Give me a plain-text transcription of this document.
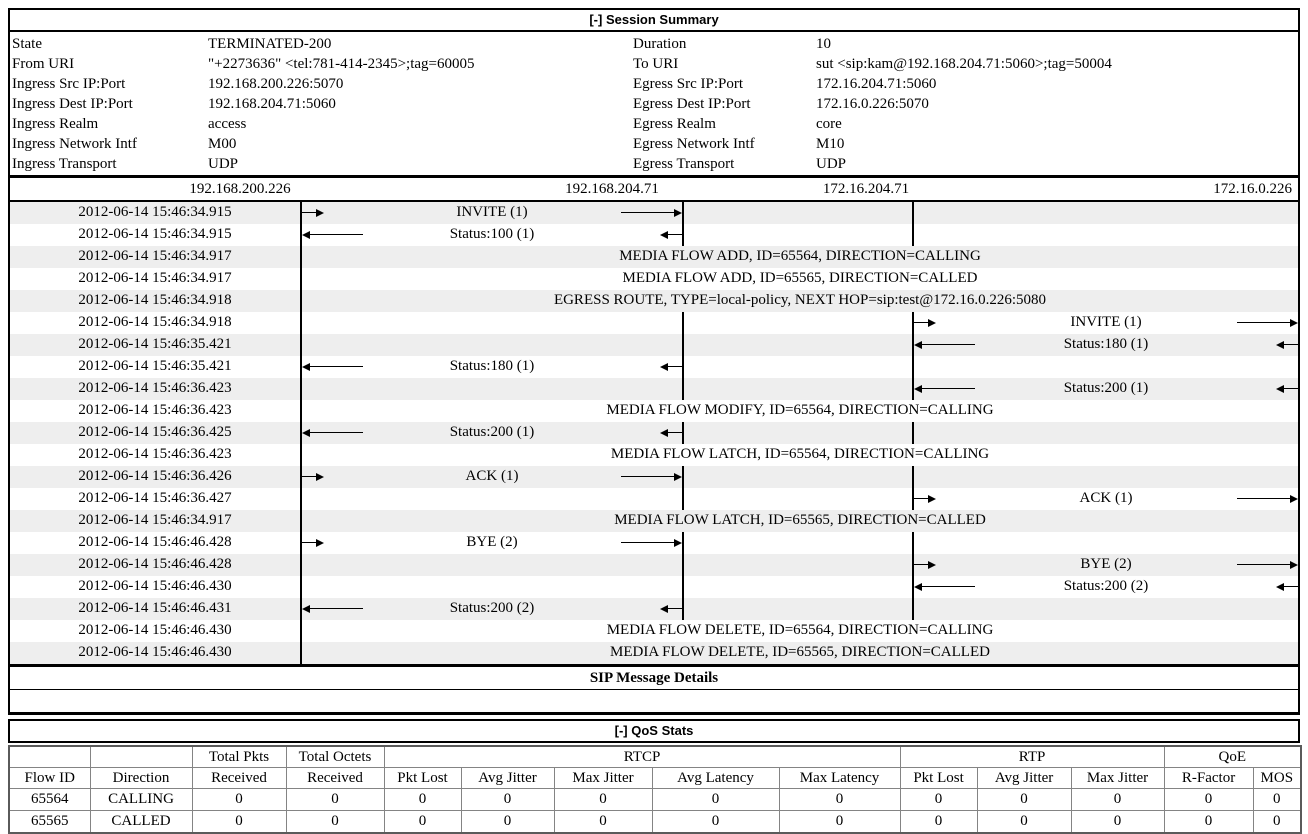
[-] Session Summary
State	TERMINATED-200	Duration	10
From URI	"+2273636" <tel:781-414-2345>;tag=60005	To URI	sut <sip:kam@192.168.204.71:5060>;tag=50004
Ingress Src IP:Port	192.168.200.226:5070	Egress Src IP:Port	172.16.204.71:5060
Ingress Dest IP:Port	192.168.204.71:5060	Egress Dest IP:Port	172.16.0.226:5070
Ingress Realm	access	Egress Realm	core
Ingress Network Intf	M00	Egress Network Intf	M10
Ingress Transport	UDP	Egress Transport	UDP
192.168.200.226	192.168.204.71	172.16.204.71	172.16.0.226
2012-06-14 15:46:34.915	INVITE (1)
2012-06-14 15:46:34.915	Status:100 (1)
2012-06-14 15:46:34.917	MEDIA FLOW ADD, ID=65564, DIRECTION=CALLING
2012-06-14 15:46:34.917	MEDIA FLOW ADD, ID=65565, DIRECTION=CALLED
2012-06-14 15:46:34.918	EGRESS ROUTE, TYPE=local-policy, NEXT HOP=sip:test@172.16.0.226:5080
2012-06-14 15:46:34.918	INVITE (1)
2012-06-14 15:46:35.421	Status:180 (1)
2012-06-14 15:46:35.421	Status:180 (1)
2012-06-14 15:46:36.423	Status:200 (1)
2012-06-14 15:46:36.423	MEDIA FLOW MODIFY, ID=65564, DIRECTION=CALLING
2012-06-14 15:46:36.425	Status:200 (1)
2012-06-14 15:46:36.423	MEDIA FLOW LATCH, ID=65564, DIRECTION=CALLING
2012-06-14 15:46:36.426	ACK (1)
2012-06-14 15:46:36.427	ACK (1)
2012-06-14 15:46:34.917	MEDIA FLOW LATCH, ID=65565, DIRECTION=CALLED
2012-06-14 15:46:46.428	BYE (2)
2012-06-14 15:46:46.428	BYE (2)
2012-06-14 15:46:46.430	Status:200 (2)
2012-06-14 15:46:46.431	Status:200 (2)
2012-06-14 15:46:46.430	MEDIA FLOW DELETE, ID=65564, DIRECTION=CALLING
2012-06-14 15:46:46.430	MEDIA FLOW DELETE, ID=65565, DIRECTION=CALLED
SIP Message Details
[-] QoS Stats
		Total Pkts	Total Octets	RTCP					RTP			QoE	
Flow ID	Direction	Received	Received	Pkt Lost	Avg Jitter	Max Jitter	Avg Latency	Max Latency	Pkt Lost	Avg Jitter	Max Jitter	R-Factor	MOS
65564	CALLING	0	0	0	0	0	0	0	0	0	0	0	0
65565	CALLED	0	0	0	0	0	0	0	0	0	0	0	0
